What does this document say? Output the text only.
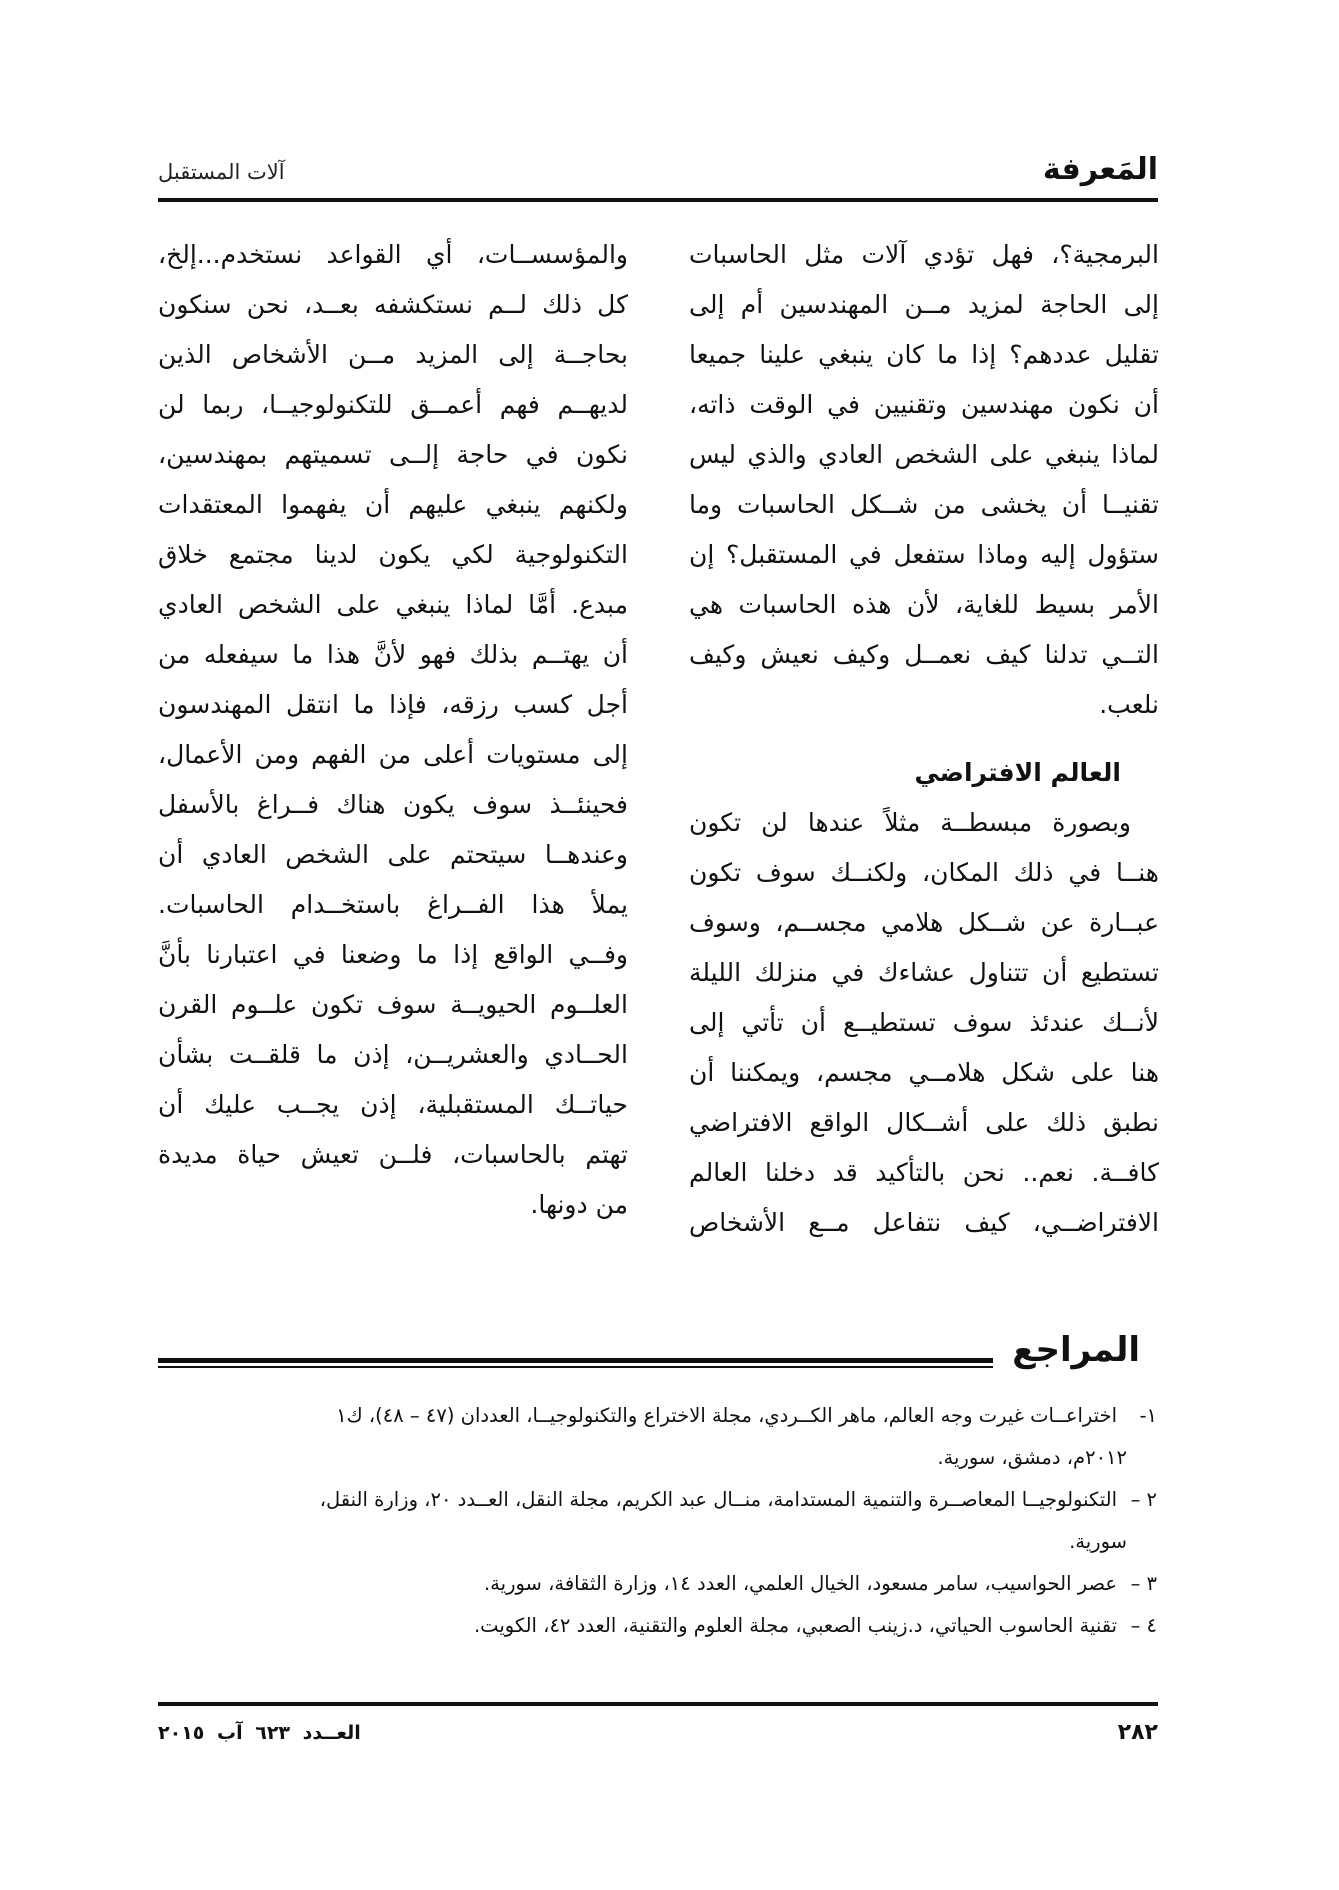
المَعرفة
آلات المستقبل
البرمجية؟، فهل تؤدي آلات مثل الحاسبات
إلى الحاجة لمزيد مــن المهندسين أم إلى
تقليل عددهم؟ إذا ما كان ينبغي علينا جميعا
أن نكون مهندسين وتقنيين في الوقت ذاته،
لماذا ينبغي على الشخص العادي والذي ليس
تقنيــا أن يخشى من شــكل الحاسبات وما
ستؤول إليه وماذا ستفعل في المستقبل؟ إن
الأمر بسيط للغاية، لأن هذه الحاسبات هي
التــي تدلنا كيف نعمــل وكيف نعيش وكيف
نلعب.
العالم الافتراضي
وبصورة مبسطــة مثلاً عندها لن تكون
هنــا في ذلك المكان، ولكنــك سوف تكون
عبــارة عن شــكل هلامي مجســم، وسوف
تستطيع أن تتناول عشاءك في منزلك الليلة
لأنــك عندئذ سوف تستطيــع أن تأتي إلى
هنا على شكل هلامــي مجسم، ويمكننا أن
نطبق ذلك على أشــكال الواقع الافتراضي
كافــة. نعم.. نحن بالتأكيد قد دخلنا العالم
الافتراضــي، كيف نتفاعل مــع الأشخاص
والمؤسســات، أي القواعد نستخدم...إلخ،
كل ذلك لــم نستكشفه بعــد، نحن سنكون
بحاجــة إلى المزيد مــن الأشخاص الذين
لديهــم فهم أعمــق للتكنولوجيــا، ربما لن
نكون في حاجة إلــى تسميتهم بمهندسين،
ولكنهم ينبغي عليهم أن يفهموا المعتقدات
التكنولوجية لكي يكون لدينا مجتمع خلاق
مبدع. أمَّا لماذا ينبغي على الشخص العادي
أن يهتــم بذلك فهو لأنَّ هذا ما سيفعله من
أجل كسب رزقه، فإذا ما انتقل المهندسون
إلى مستويات أعلى من الفهم ومن الأعمال،
فحينئــذ سوف يكون هناك فــراغ بالأسفل
وعندهــا سيتحتم على الشخص العادي أن
يملأ هذا الفــراغ باستخــدام الحاسبات.
وفــي الواقع إذا ما وضعنا في اعتبارنا بأنَّ
العلــوم الحيويــة سوف تكون علــوم القرن
الحــادي والعشريــن، إذن ما قلقــت بشأن
حياتــك المستقبلية، إذن يجــب عليك أن
تهتم بالحاسبات، فلــن تعيش حياة مديدة
من دونها.
المراجع
١-اختراعــات غيرت وجه العالم، ماهر الكــردي، مجلة الاختراع والتكنولوجيــا، العددان (٤٧ – ٤٨)، ك١
٢٠١٢م، دمشق، سورية.
٢ –التكنولوجيــا المعاصــرة والتنمية المستدامة، منــال عبد الكريم، مجلة النقل، العــدد ٢٠، وزارة النقل،
سورية.
٣ –عصر الحواسيب، سامر مسعود، الخيال العلمي، العدد ١٤، وزارة الثقافة، سورية.
٤ –تقنية الحاسوب الحياتي، د.زينب الصعبي، مجلة العلوم والتقنية، العدد ٤٢، الكويت.
٢٨٢
العــدد ٦٢٣ آب ٢٠١٥
